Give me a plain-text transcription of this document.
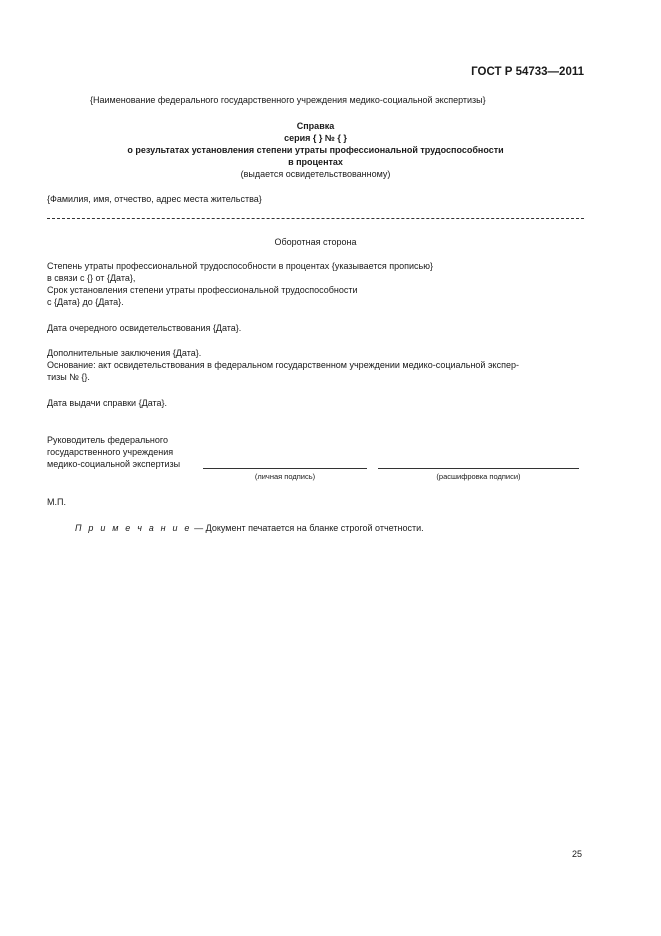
ГОСТ Р 54733—2011
{Наименование федерального государственного учреждения медико-социальной экспертизы}
Справка
серия { } № { }
о результатах установления степени утраты профессиональной трудоспособности
в процентах
(выдается освидетельствованному)
{Фамилия, имя, отчество, адрес места жительства}
Оборотная сторона
Степень утраты профессиональной трудоспособности в процентах {указывается прописью}
в связи с {} от {Дата},
Срок установления степени утраты профессиональной трудоспособности
с {Дата} до {Дата}.
Дата очередного освидетельствования {Дата}.
Дополнительные заключения {Дата}.
Основание: акт освидетельствования в федеральном государственном учреждении медико-социальной экспер-
тизы № {}.
Дата выдачи справки {Дата}.
Руководитель федерального
государственного учреждения
медико-социальной экспертизы
(личная подпись)	(расшифровка подписи)
М.П.
П р и м е ч а н и е — Документ печатается на бланке строгой отчетности.
25
